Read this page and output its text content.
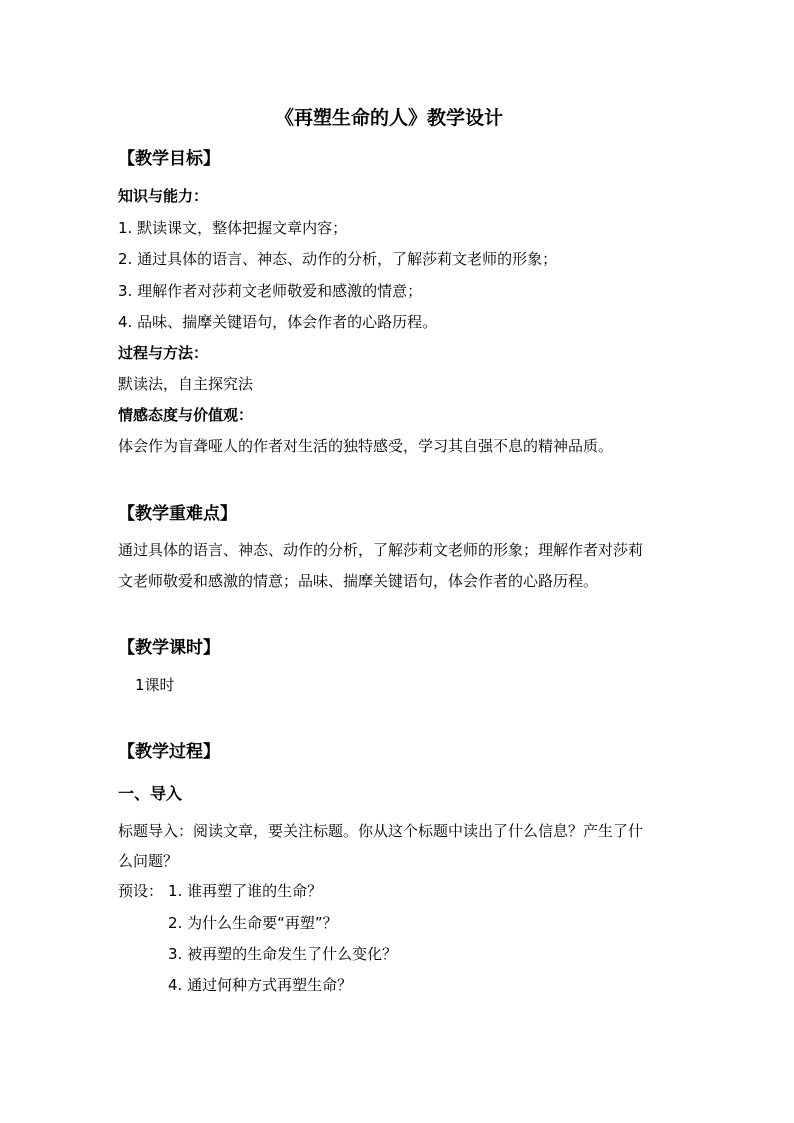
《再塑生命的人》教学设计
【教学目标】
知识与能力：
1. 默读课文，整体把握文章内容；
2. 通过具体的语言、神态、动作的分析，了解莎莉文老师的形象；
3. 理解作者对莎莉文老师敬爱和感激的情意；
4. 品味、揣摩关键语句，体会作者的心路历程。
过程与方法：
默读法，自主探究法
情感态度与价值观：
体会作为盲聋哑人的作者对生活的独特感受，学习其自强不息的精神品质。
【教学重难点】
通过具体的语言、神态、动作的分析，了解莎莉文老师的形象；理解作者对莎莉
文老师敬爱和感激的情意；品味、揣摩关键语句，体会作者的心路历程。
【教学课时】
1课时
【教学过程】
一、导入
标题导入：阅读文章，要关注标题。你从这个标题中读出了什么信息？产生了什
么问题？
预设： 1. 谁再塑了谁的生命？
2. 为什么生命要“再塑”？
3. 被再塑的生命发生了什么变化？
4. 通过何种方式再塑生命？
